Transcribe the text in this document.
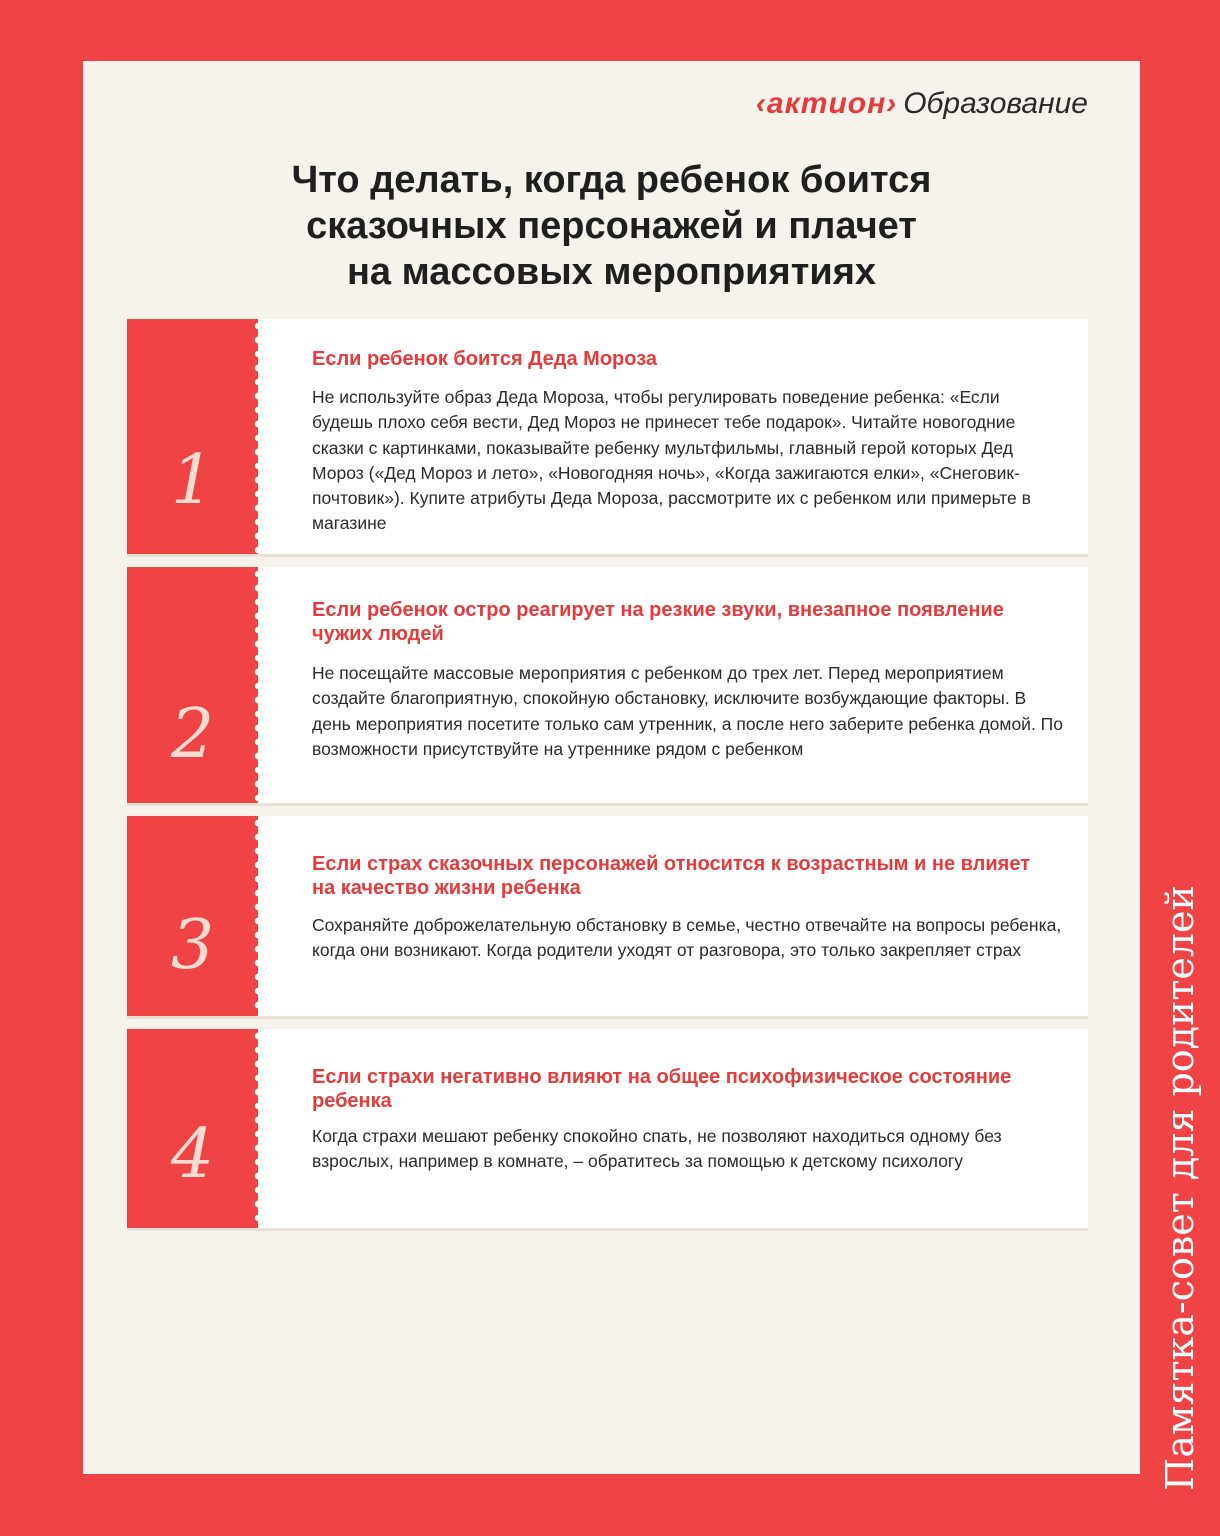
‹актион› Образование
Что делать, когда ребенок боится
сказочных персонажей и плачет
на массовых мероприятиях
1
Если ребенок боится Деда Мороза

Не используйте образ Деда Мороза, чтобы регулировать поведение ребенка: «Если будешь плохо себя вести, Дед Мороз не принесет тебе подарок». Читайте новогодние сказки с картинками, показывайте ребенку мультфильмы, главный герой которых Дед Мороз («Дед Мороз и лето», «Новогодняя ночь», «Когда зажигаются елки», «Снеговик-почтовик»). Купите атрибуты Деда Мороза, рассмотрите их с ребенком или примерьте в магазине

2
Если ребенок остро реагирует на резкие звуки, внезапное появление чужих людей

Не посещайте массовые мероприятия с ребенком до трех лет. Перед мероприятием создайте благоприятную, спокойную обстановку, исключите возбуждающие факторы. В день мероприятия посетите только сам утренник, а после него заберите ребенка домой. По возможности присутствуйте на утреннике рядом с ребенком

3
Если страх сказочных персонажей относится к возрастным и не влияет на качество жизни ребенка

Сохраняйте доброжелательную обстановку в семье, честно отвечайте на вопросы ребенка, когда они возникают. Когда родители уходят от разговора, это только закрепляет страх

4
Если страхи негативно влияют на общее психофизическое состояние ребенка

Когда страхи мешают ребенку спокойно спать, не позволяют находиться одному без взрослых, например в комнате, – обратитесь за помощью к детскому психологу	Памятка-совет для родителей
